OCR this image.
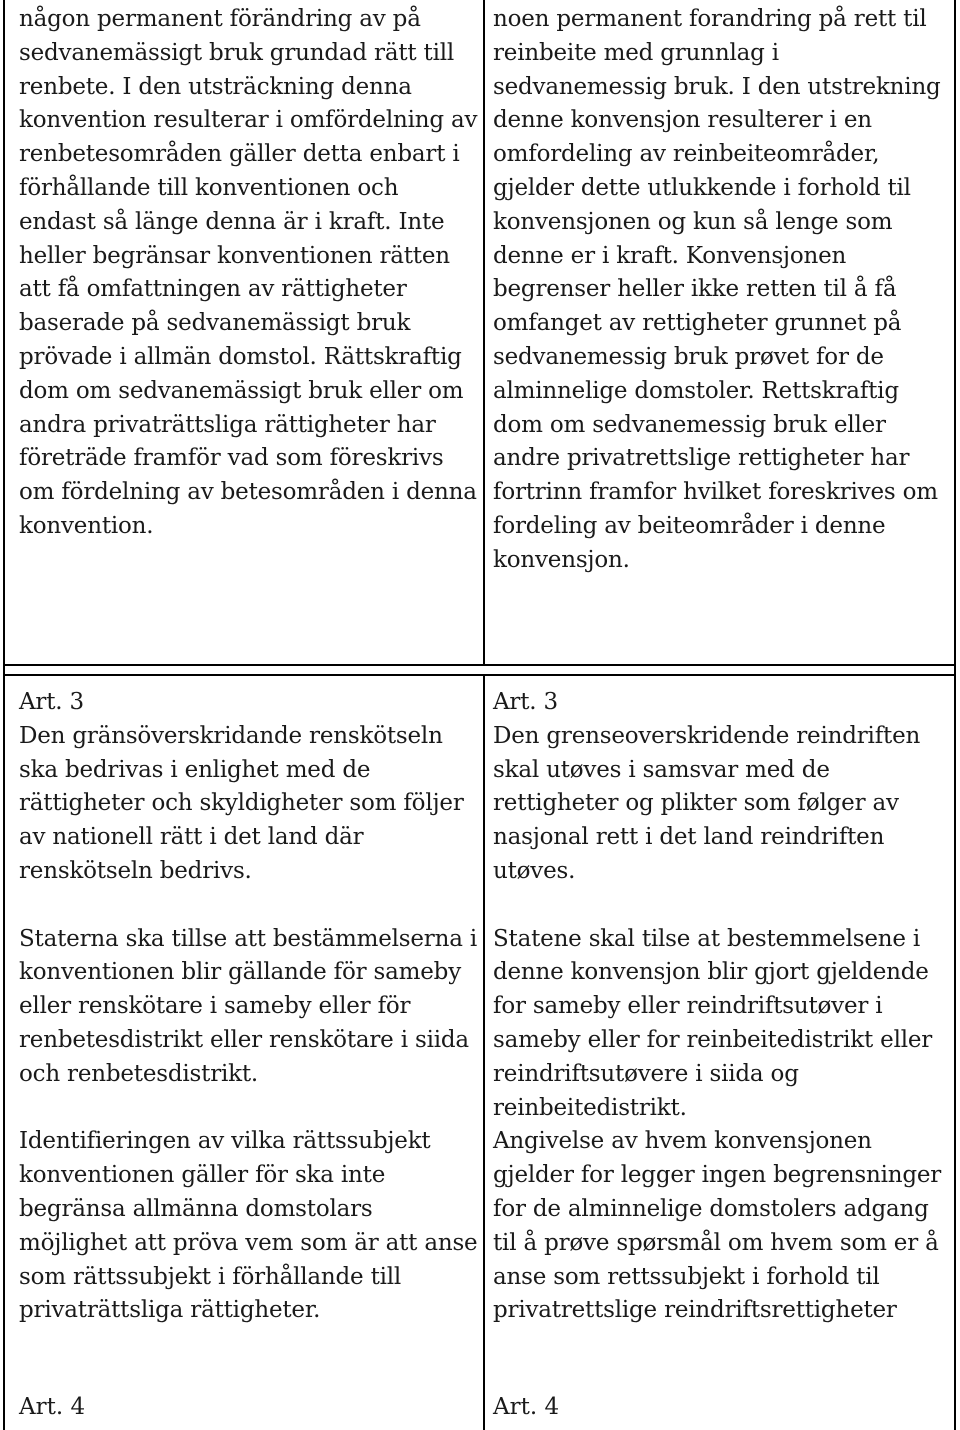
någon permanent förändring av på sedvanemässigt bruk grundad rätt till renbete. I den utsträckning denna konvention resulterar i omfördelning av renbetesområden gäller detta enbart i förhållande till konventionen och endast så länge denna är i kraft. Inte heller begränsar konventionen rätten att få omfattningen av rättigheter baserade på sedvanemässigt bruk prövade i allmän domstol. Rättskraftig dom om sedvanemässigt bruk eller om andra privaträttsliga rättigheter har företräde framför vad som föreskrivs om fördelning av betesområden i denna konvention.

noen permanent forandring på rett til reinbeite med grunnlag i sedvanemessig bruk. I den utstrekning denne konvensjon resulterer i en omfordeling av reinbeiteområder, gjelder dette utlukkende i forhold til konvensjonen og kun så lenge som denne er i kraft. Konvensjonen begrenser heller ikke retten til å få omfanget av rettigheter grunnet på sedvanemessig bruk prøvet for de alminnelige domstoler. Rettskraftig dom om sedvanemessig bruk eller andre privatrettslige rettigheter har fortrinn framfor hvilket foreskrives om fordeling av beiteområder i denne konvensjon.

Art. 3

Den gränsöverskridande renskötseln ska bedrivas i enlighet med de rättigheter och skyldigheter som följer av nationell rätt i det land där renskötseln bedrivs.

Staterna ska tillse att bestämmelserna i konventionen blir gällande för sameby eller renskötare i sameby eller för renbetesdistrikt eller renskötare i siida och renbetesdistrikt.

Identifieringen av vilka rättssubjekt konventionen gäller för ska inte begränsa allmänna domstolars möjlighet att pröva vem som är att anse som rättssubjekt i förhållande till privaträttsliga rättigheter.

Art. 3

Den grenseoverskridende reindriften skal utøves i samsvar med de rettigheter og plikter som følger av nasjonal rett i det land reindriften utøves.

Statene skal tilse at bestemmelsene i denne konvensjon blir gjort gjeldende for sameby eller reindriftsutøver i sameby eller for reinbeitedistrikt eller reindriftsutøvere i siida og reinbeitedistrikt.

Angivelse av hvem konvensjonen gjelder for legger ingen begrensninger for de alminnelige domstolers adgang til å prøve spørsmål om hvem som er å anse som rettssubjekt i forhold til privatrettslige reindriftsrettigheter

Art. 4	Art. 4
